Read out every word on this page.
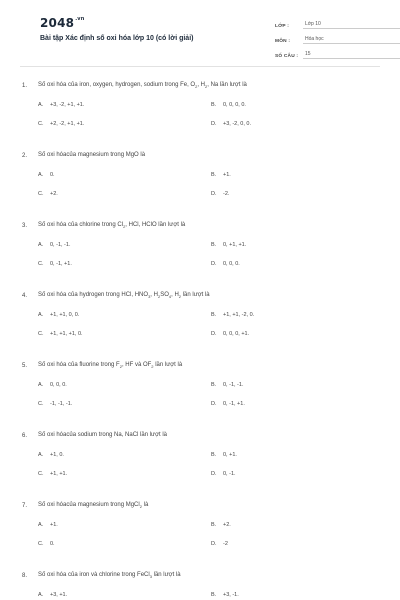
$2048^{.vn}$
Bài tập Xác định số oxi hóa lớp 10 (có lời giải)
LỚP :	Lớp 10
MÔN :	Hóa học
SỐ CÂU :	15
1.	Số oxi hóa của iron, oxygen, hydrogen, sodium trong Fe, $O_2$, $H_2$, Na lần lượt là
A.	+3, -2, +1, +1.	B.	0, 0, 0, 0.
C.	+2, -2, +1, +1.	D.	+3, -2, 0, 0.
2.	Số oxi hóacủa magnesium trong MgO là
A.	0.	B.	+1.
C.	+2.	D.	-2.
3.	Số oxi hóa của chlorine trong $Cl_2$, HCl, HClO lần lượt là
A.	0, -1, -1.	B.	0, +1, +1.
C.	0, -1, +1.	D.	0, 0, 0.
4.	Số oxi hóa của hydrogen trong HCl, $HNO_3$, $H_2SO_4$, $H_2$ lần lượt là
A.	+1, +1, 0, 0.	B.	+1, +1, -2, 0.
C.	+1, +1, +1, 0.	D.	0, 0, 0, +1.
5.	Số oxi hóa của fluorine trong $F_2$, HF và $OF_2$ lần lượt là
A.	0, 0, 0.	B.	0, -1, -1.
C.	-1, -1, -1.	D.	0, -1, +1.
6.	Số oxi hóacủa sodium trong Na, NaCl lần lượt là
A.	+1, 0.	B.	0, +1.
C.	+1, +1.	D.	0, -1.
7.	Số oxi hóacủa magnesium trong MgCl$_2$ là
A.	+1.	B.	+2.
C.	0.	D.	-2
8.	Số oxi hóa của iron và chlorine trong FeCl$_3$ lần lượt là
A.	+3, +1.	B.	+3, -1.
